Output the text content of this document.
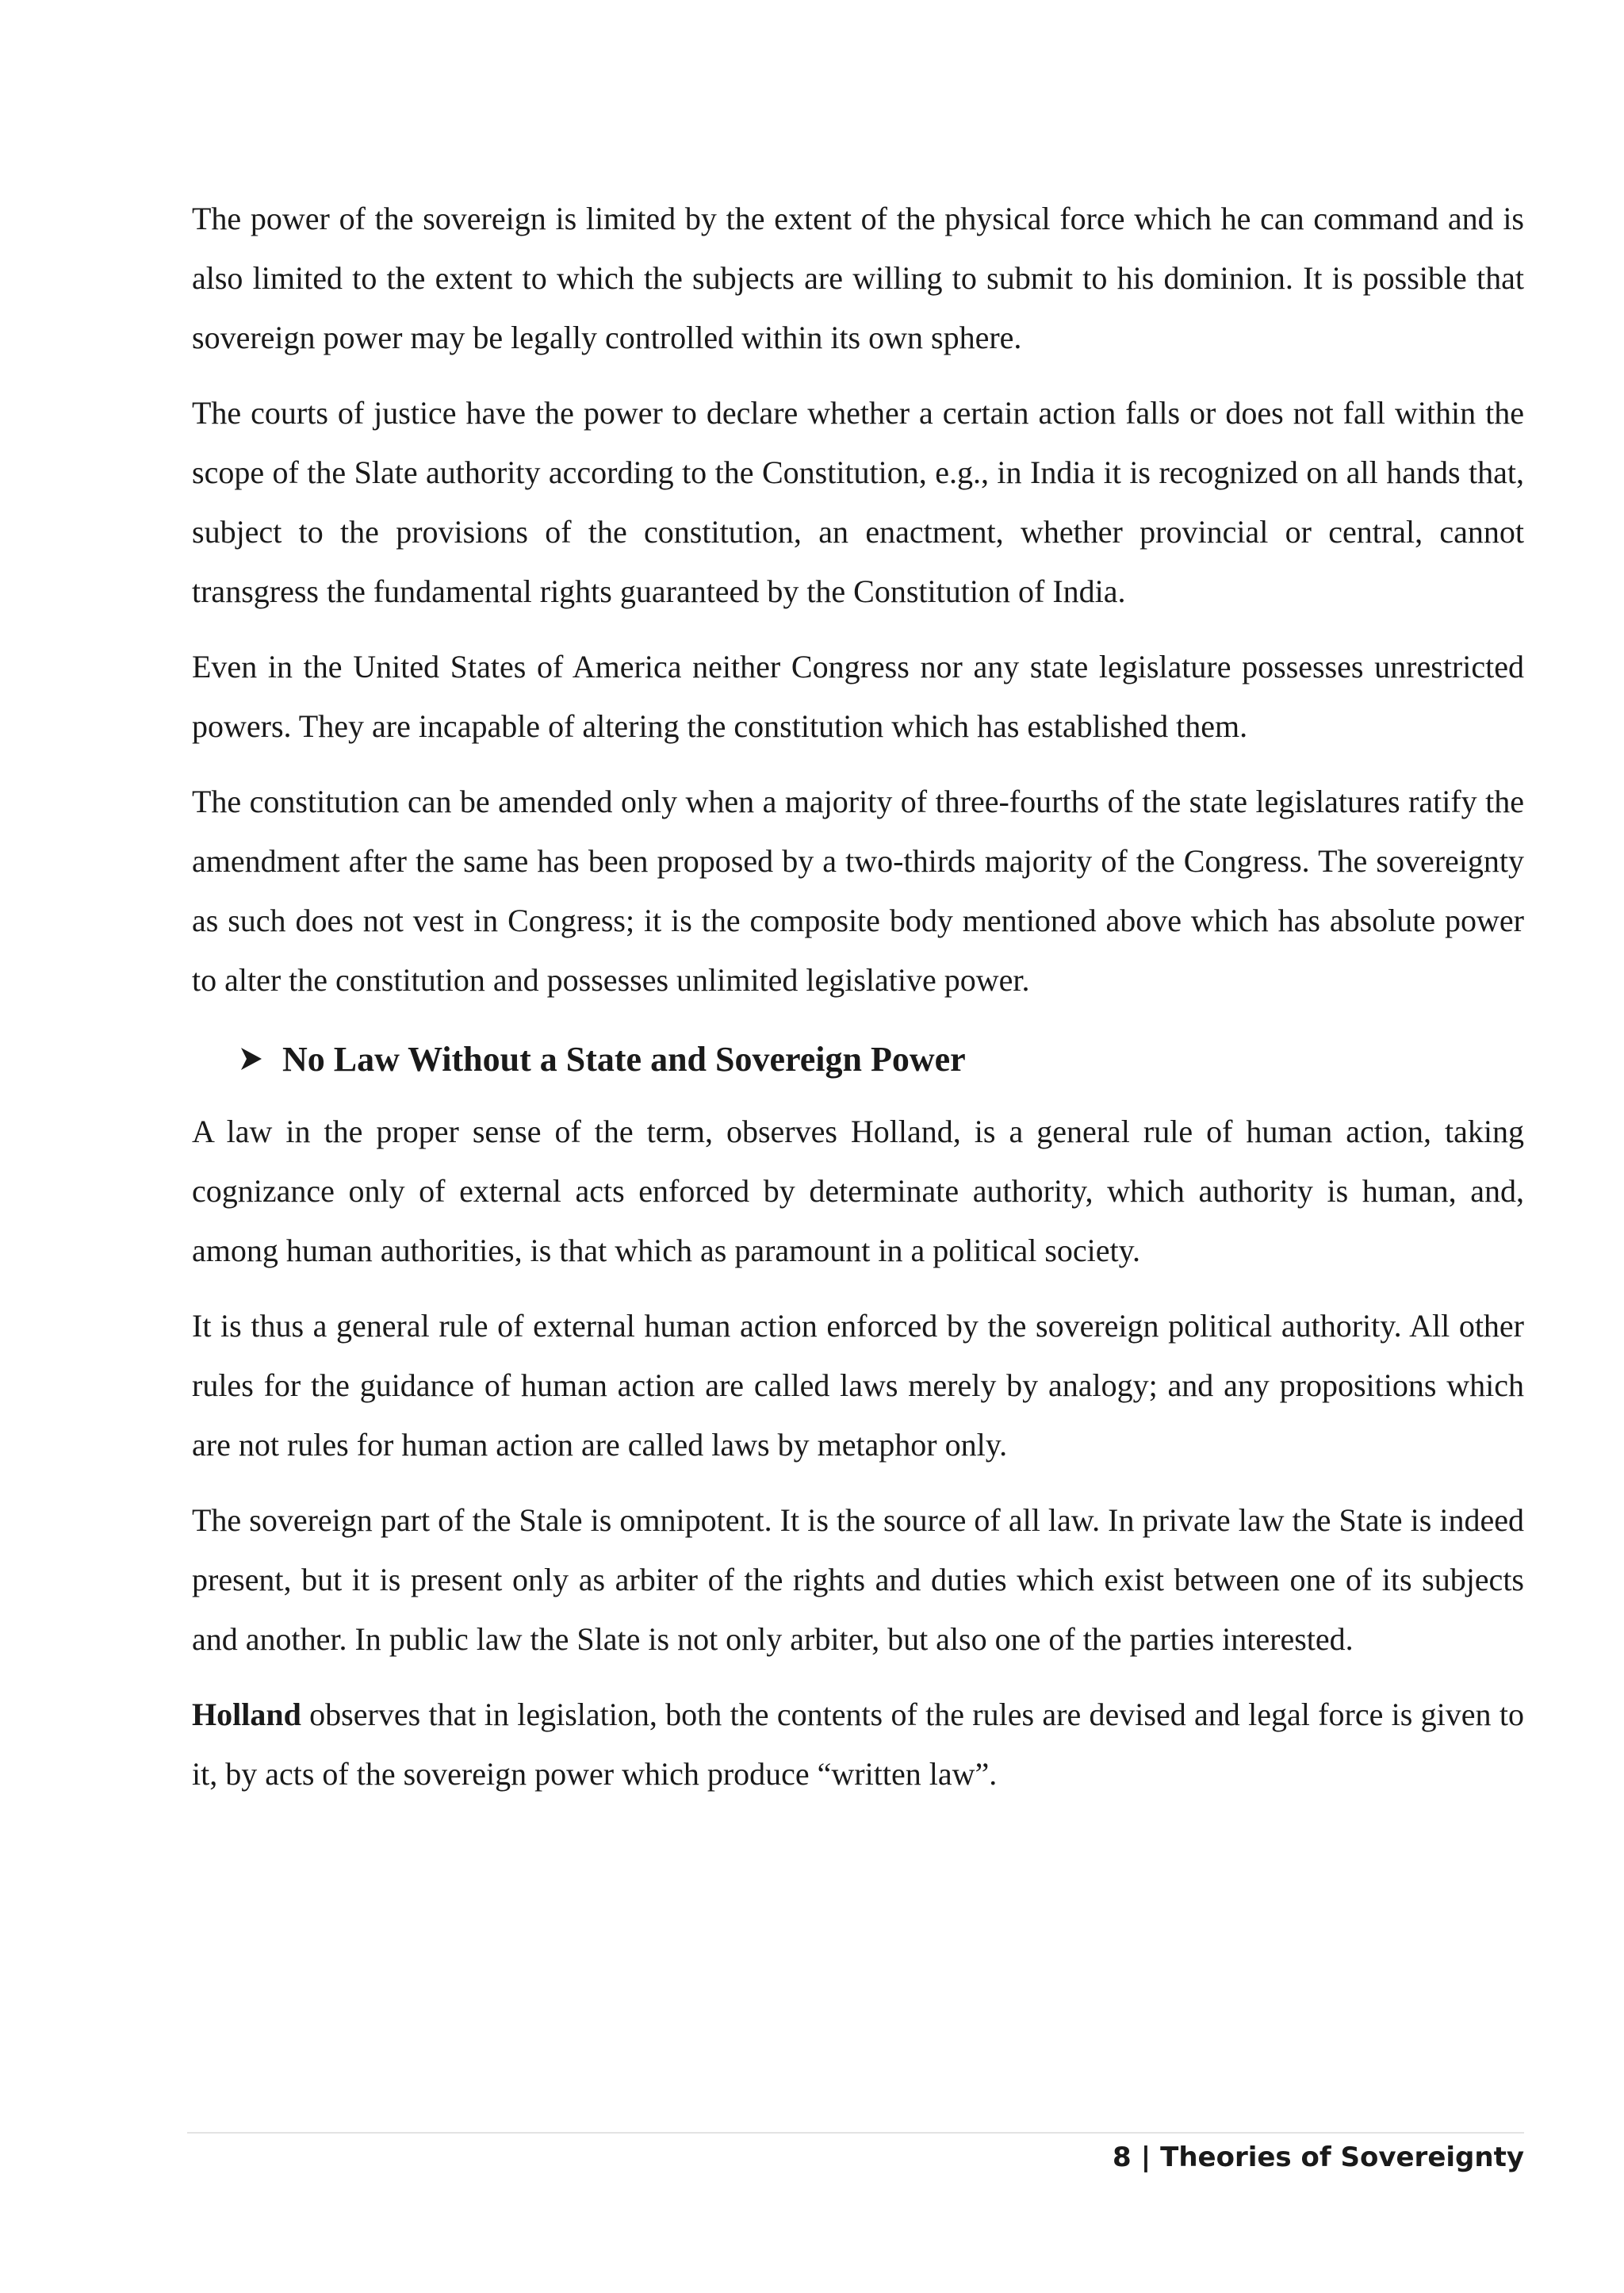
The power of the sovereign is limited by the extent of the physical force which he can command and is also limited to the extent to which the subjects are willing to submit to his dominion. It is possible that sovereign power may be legally controlled within its own sphere.

The courts of justice have the power to declare whether a certain action falls or does not fall within the scope of the Slate authority according to the Constitution, e.g., in India it is recognized on all hands that, subject to the provisions of the constitution, an enactment, whether provincial or central, cannot transgress the fundamental rights guaranteed by the Constitution of India.

Even in the United States of America neither Congress nor any state legislature possesses unrestricted powers. They are incapable of altering the constitution which has established them.

The constitution can be amended only when a majority of three-fourths of the state legislatures ratify the amendment after the same has been proposed by a two-thirds majority of the Congress. The sovereignty as such does not vest in Congress; it is the composite body mentioned above which has absolute power to alter the constitution and possesses unlimited legislative power.

No Law Without a State and Sovereign Power

A law in the proper sense of the term, observes Holland, is a general rule of human action, taking cognizance only of external acts enforced by determinate authority, which authority is human, and, among human authorities, is that which as paramount in a political society.

It is thus a general rule of external human action enforced by the sovereign political authority. All other rules for the guidance of human action are called laws merely by analogy; and any propositions which are not rules for human action are called laws by metaphor only.

The sovereign part of the Stale is omnipotent. It is the source of all law. In private law the State is indeed present, but it is present only as arbiter of the rights and duties which exist between one of its subjects and another. In public law the Slate is not only arbiter, but also one of the parties interested.

Holland observes that in legislation, both the contents of the rules are devised and legal force is given to it, by acts of the sovereign power which produce “written law”.

8 | Theories of Sovereignty
